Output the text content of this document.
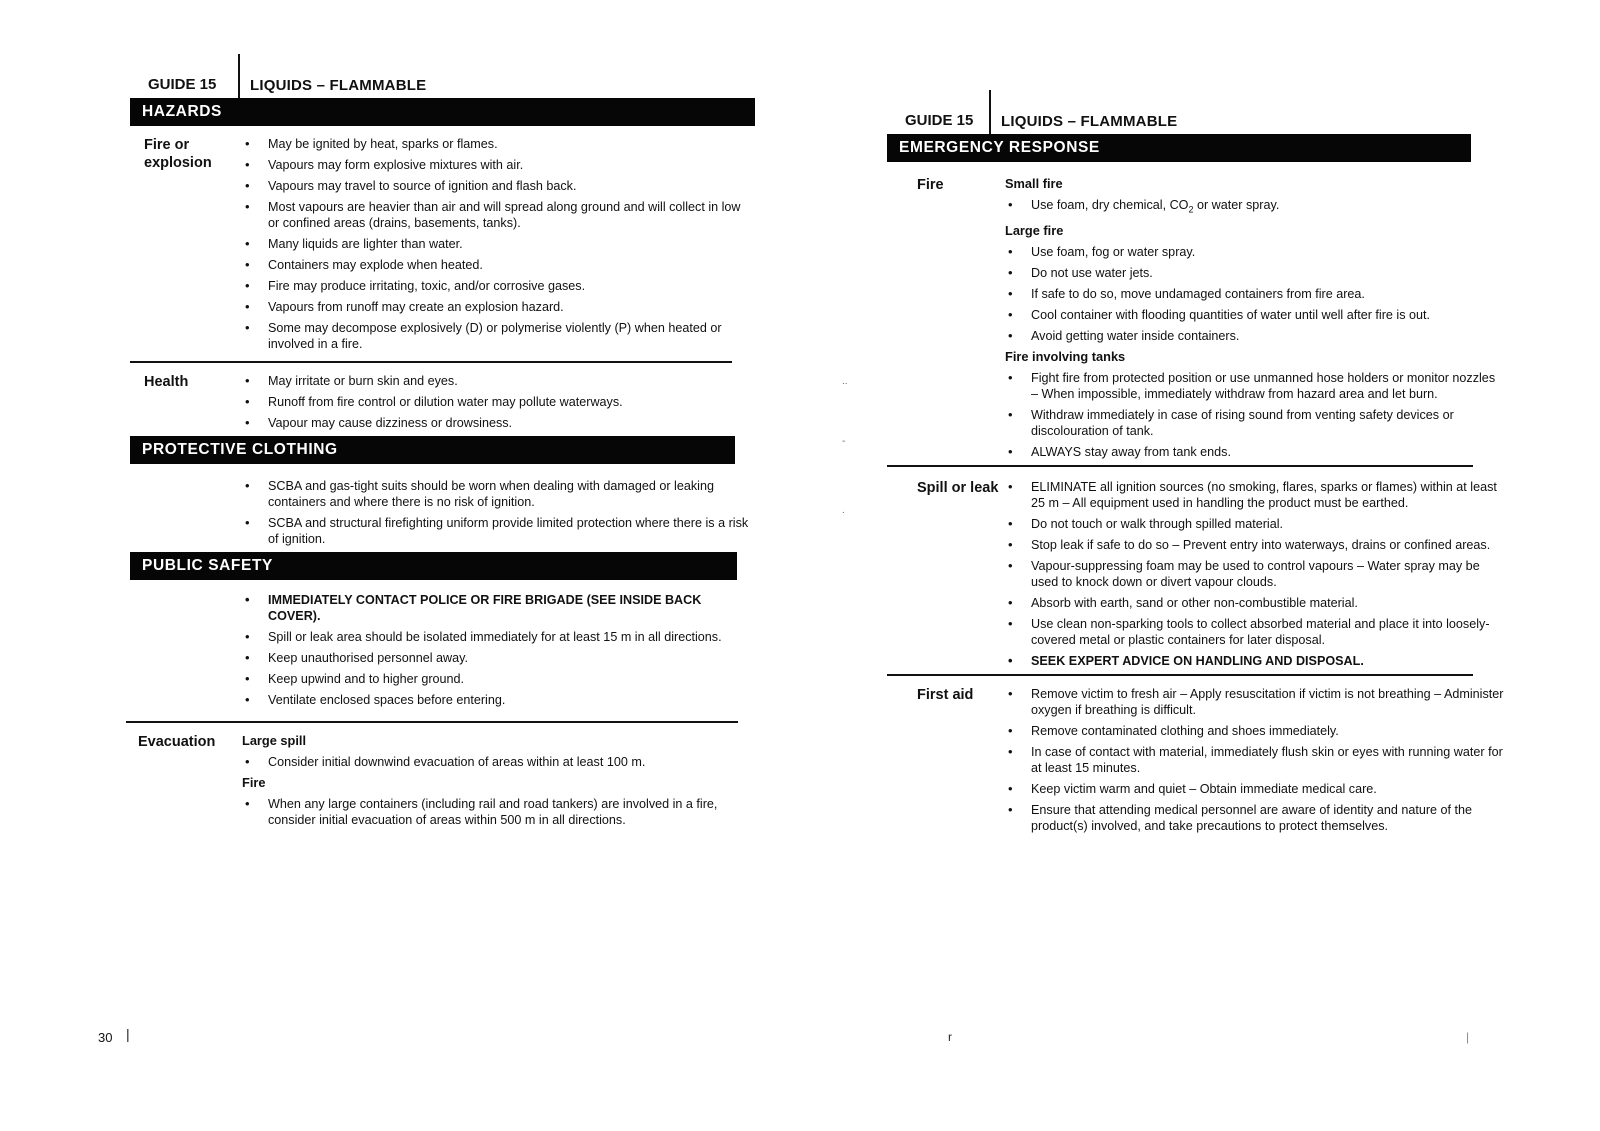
GUIDE 15	LIQUIDS – FLAMMABLE
HAZARDS
Fire or explosion
• May be ignited by heat, sparks or flames.
• Vapours may form explosive mixtures with air.
• Vapours may travel to source of ignition and flash back.
• Most vapours are heavier than air and will spread along ground and will collect in low or confined areas (drains, basements, tanks).
• Many liquids are lighter than water.
• Containers may explode when heated.
• Fire may produce irritating, toxic, and/or corrosive gases.
• Vapours from runoff may create an explosion hazard.
• Some may decompose explosively (D) or polymerise violently (P) when heated or involved in a fire.
Health	• May irritate or burn skin and eyes.
• Runoff from fire control or dilution water may pollute waterways.
• Vapour may cause dizziness or drowsiness.
PROTECTIVE CLOTHING
• SCBA and gas-tight suits should be worn when dealing with damaged or leaking containers and where there is no risk of ignition.
• SCBA and structural firefighting uniform provide limited protection where there is a risk of ignition.
PUBLIC SAFETY
• IMMEDIATELY CONTACT POLICE OR FIRE BRIGADE (SEE INSIDE BACK COVER).
• Spill or leak area should be isolated immediately for at least 15 m in all directions.
• Keep unauthorised personnel away.
• Keep upwind and to higher ground.
• Ventilate enclosed spaces before entering.
Evacuation	Large spill
• Consider initial downwind evacuation of areas within at least 100 m.
Fire
• When any large containers (including rail and road tankers) are involved in a fire, consider initial evacuation of areas within 500 m in all directions.
30 |
GUIDE 15	LIQUIDS – FLAMMABLE
EMERGENCY RESPONSE
Fire	Small fire
• Use foam, dry chemical, $CO_2$ or water spray.
Large fire
• Use foam, fog or water spray.
• Do not use water jets.
• If safe to do so, move undamaged containers from fire area.
• Cool container with flooding quantities of water until well after fire is out.
• Avoid getting water inside containers.
Fire involving tanks
• Fight fire from protected position or use unmanned hose holders or monitor nozzles – When impossible, immediately withdraw from hazard area and let burn.
• Withdraw immediately in case of rising sound from venting safety devices or discolouration of tank.
• ALWAYS stay away from tank ends.
Spill or leak	• ELIMINATE all ignition sources (no smoking, flares, sparks or flames) within at least 25 m – All equipment used in handling the product must be earthed.
• Do not touch or walk through spilled material.
• Stop leak if safe to do so – Prevent entry into waterways, drains or confined areas.
• Vapour-suppressing foam may be used to control vapours – Water spray may be used to knock down or divert vapour clouds.
• Absorb with earth, sand or other non-combustible material.
• Use clean non-sparking tools to collect absorbed material and place it into loosely-covered metal or plastic containers for later disposal.
• SEEK EXPERT ADVICE ON HANDLING AND DISPOSAL.
First aid	• Remove victim to fresh air – Apply resuscitation if victim is not breathing – Administer oxygen if breathing is difficult.
• Remove contaminated clothing and shoes immediately.
• In case of contact with material, immediately flush skin or eyes with running water for at least 15 minutes.
• Keep victim warm and quiet – Obtain immediate medical care.
• Ensure that attending medical personnel are aware of identity and nature of the product(s) involved, and take precautions to protect themselves.
..
-
.
r	|
